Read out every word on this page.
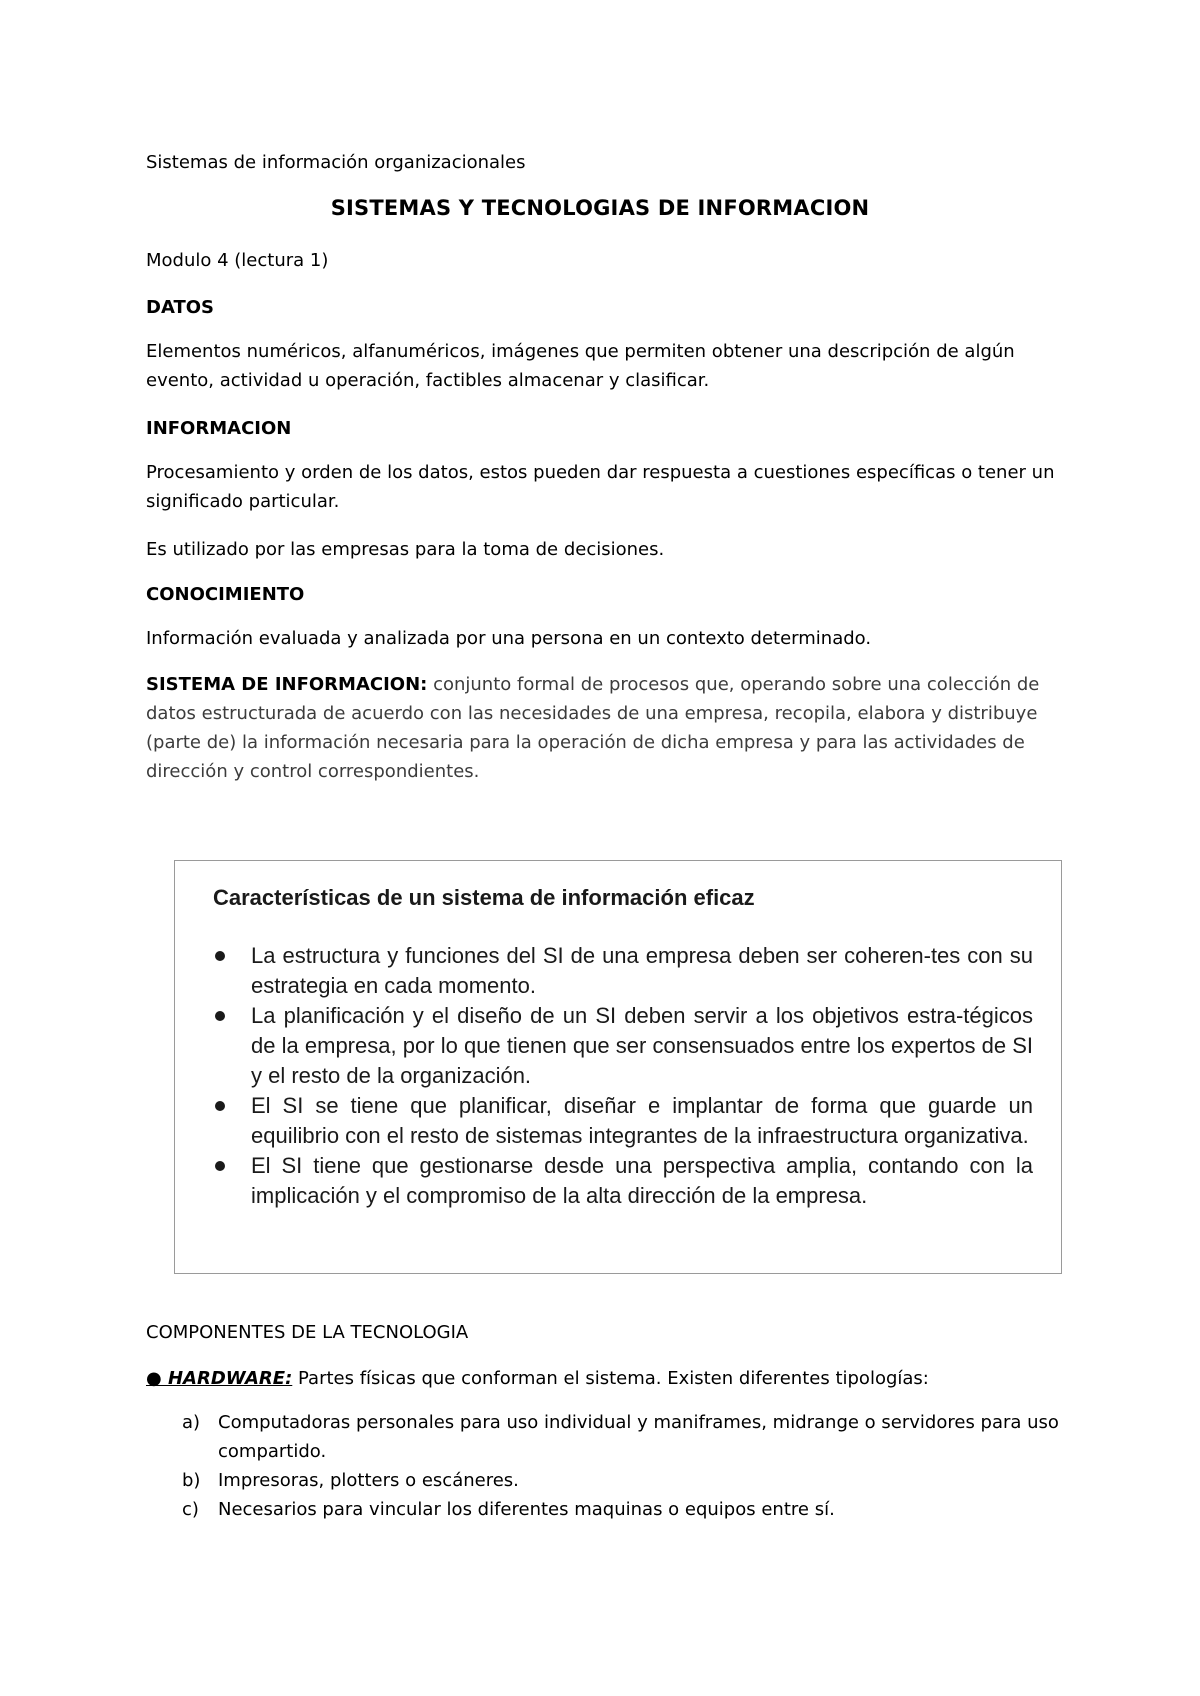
Sistemas de información organizacionales
SISTEMAS Y TECNOLOGIAS DE INFORMACION
Modulo 4 (lectura 1)
DATOS
Elementos numéricos, alfanuméricos, imágenes que permiten obtener una descripción de algún evento, actividad u operación, factibles almacenar y clasificar.
INFORMACION
Procesamiento y orden de los datos, estos pueden dar respuesta a cuestiones específicas o tener un significado particular.
Es utilizado por las empresas para la toma de decisiones.
CONOCIMIENTO
Información evaluada y analizada por una persona en un contexto determinado.
SISTEMA DE INFORMACION: conjunto formal de procesos que, operando sobre una colección de datos estructurada de acuerdo con las necesidades de una empresa, recopila, elabora y distribuye (parte de) la información necesaria para la operación de dicha empresa y para las actividades de dirección y control correspondientes.
Características de un sistema de información eficaz
La estructura y funciones del SI de una empresa deben ser coheren-tes con su estrategia en cada momento.
La planificación y el diseño de un SI deben servir a los objetivos estra-tégicos de la empresa, por lo que tienen que ser consensuados entre los expertos de SI y el resto de la organización.
El SI se tiene que planificar, diseñar e implantar de forma que guarde un equilibrio con el resto de sistemas integrantes de la infraestructura organizativa.
El SI tiene que gestionarse desde una perspectiva amplia, contando con la implicación y el compromiso de la alta dirección de la empresa.
COMPONENTES DE LA TECNOLOGIA
● HARDWARE: Partes físicas que conforman el sistema. Existen diferentes tipologías:
a) Computadoras personales para uso individual y maniframes, midrange o servidores para uso compartido.
b) Impresoras, plotters o escáneres.
c) Necesarios para vincular los diferentes maquinas o equipos entre sí.
